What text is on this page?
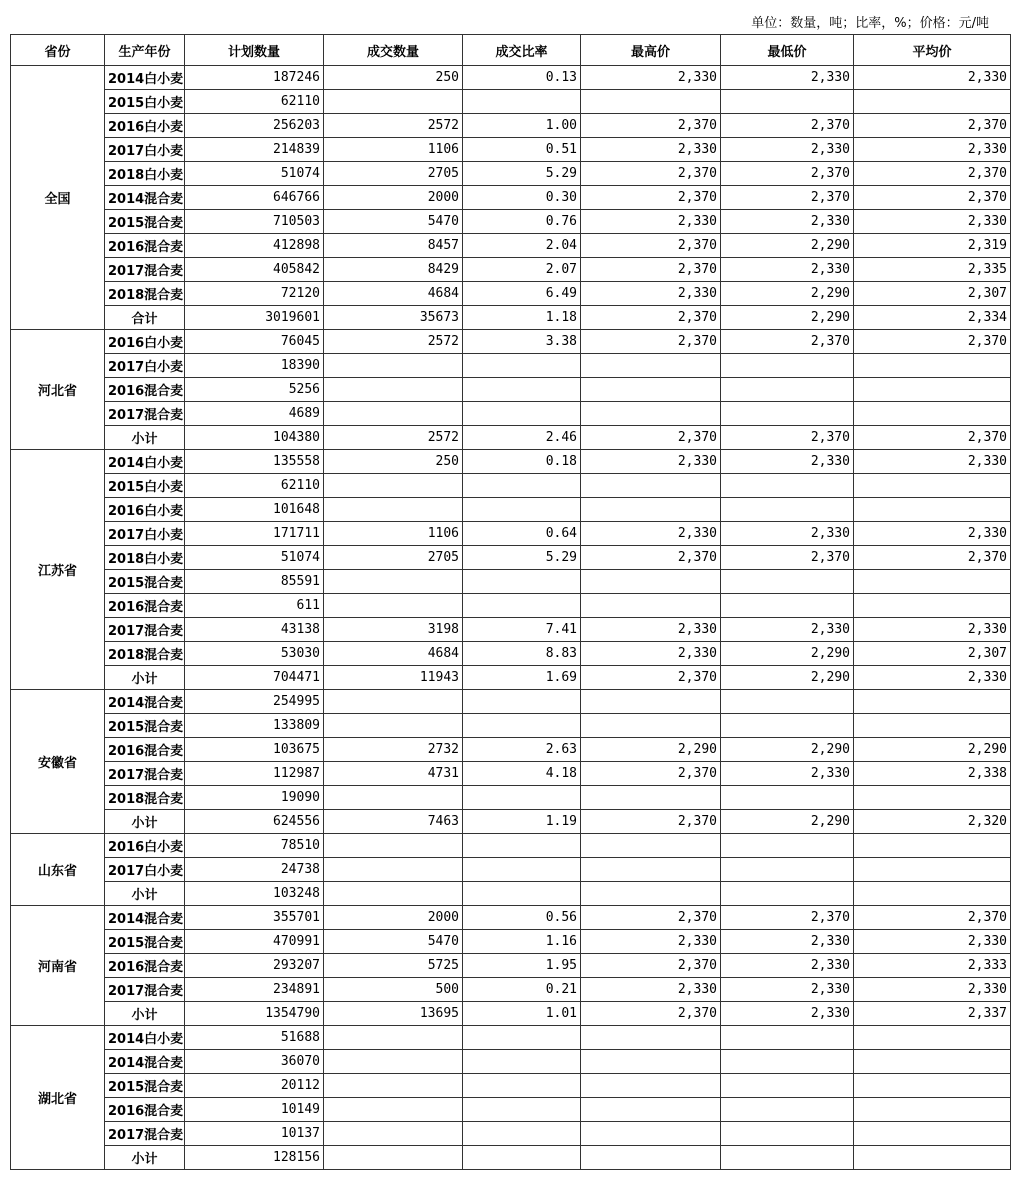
单位：数量，吨；比率，%；价格：元/吨
省份	生产年份	计划数量	成交数量	成交比率	最高价	最低价	平均价
全国	2014白小麦	187246	250	0.13	2,330	2,330	2,330
	2015白小麦	62110					
	2016白小麦	256203	2572	1.00	2,370	2,370	2,370
	2017白小麦	214839	1106	0.51	2,330	2,330	2,330
	2018白小麦	51074	2705	5.29	2,370	2,370	2,370
	2014混合麦	646766	2000	0.30	2,370	2,370	2,370
	2015混合麦	710503	5470	0.76	2,330	2,330	2,330
	2016混合麦	412898	8457	2.04	2,370	2,290	2,319
	2017混合麦	405842	8429	2.07	2,370	2,330	2,335
	2018混合麦	72120	4684	6.49	2,330	2,290	2,307
	合计	3019601	35673	1.18	2,370	2,290	2,334
河北省	2016白小麦	76045	2572	3.38	2,370	2,370	2,370
	2017白小麦	18390					
	2016混合麦	5256					
	2017混合麦	4689					
	小计	104380	2572	2.46	2,370	2,370	2,370
江苏省	2014白小麦	135558	250	0.18	2,330	2,330	2,330
	2015白小麦	62110					
	2016白小麦	101648					
	2017白小麦	171711	1106	0.64	2,330	2,330	2,330
	2018白小麦	51074	2705	5.29	2,370	2,370	2,370
	2015混合麦	85591					
	2016混合麦	611					
	2017混合麦	43138	3198	7.41	2,330	2,330	2,330
	2018混合麦	53030	4684	8.83	2,330	2,290	2,307
	小计	704471	11943	1.69	2,370	2,290	2,330
安徽省	2014混合麦	254995					
	2015混合麦	133809					
	2016混合麦	103675	2732	2.63	2,290	2,290	2,290
	2017混合麦	112987	4731	4.18	2,370	2,330	2,338
	2018混合麦	19090					
	小计	624556	7463	1.19	2,370	2,290	2,320
山东省	2016白小麦	78510					
	2017白小麦	24738					
	小计	103248					
河南省	2014混合麦	355701	2000	0.56	2,370	2,370	2,370
	2015混合麦	470991	5470	1.16	2,330	2,330	2,330
	2016混合麦	293207	5725	1.95	2,370	2,330	2,333
	2017混合麦	234891	500	0.21	2,330	2,330	2,330
	小计	1354790	13695	1.01	2,370	2,330	2,337
湖北省	2014白小麦	51688					
	2014混合麦	36070					
	2015混合麦	20112					
	2016混合麦	10149					
	2017混合麦	10137					
	小计	128156					
